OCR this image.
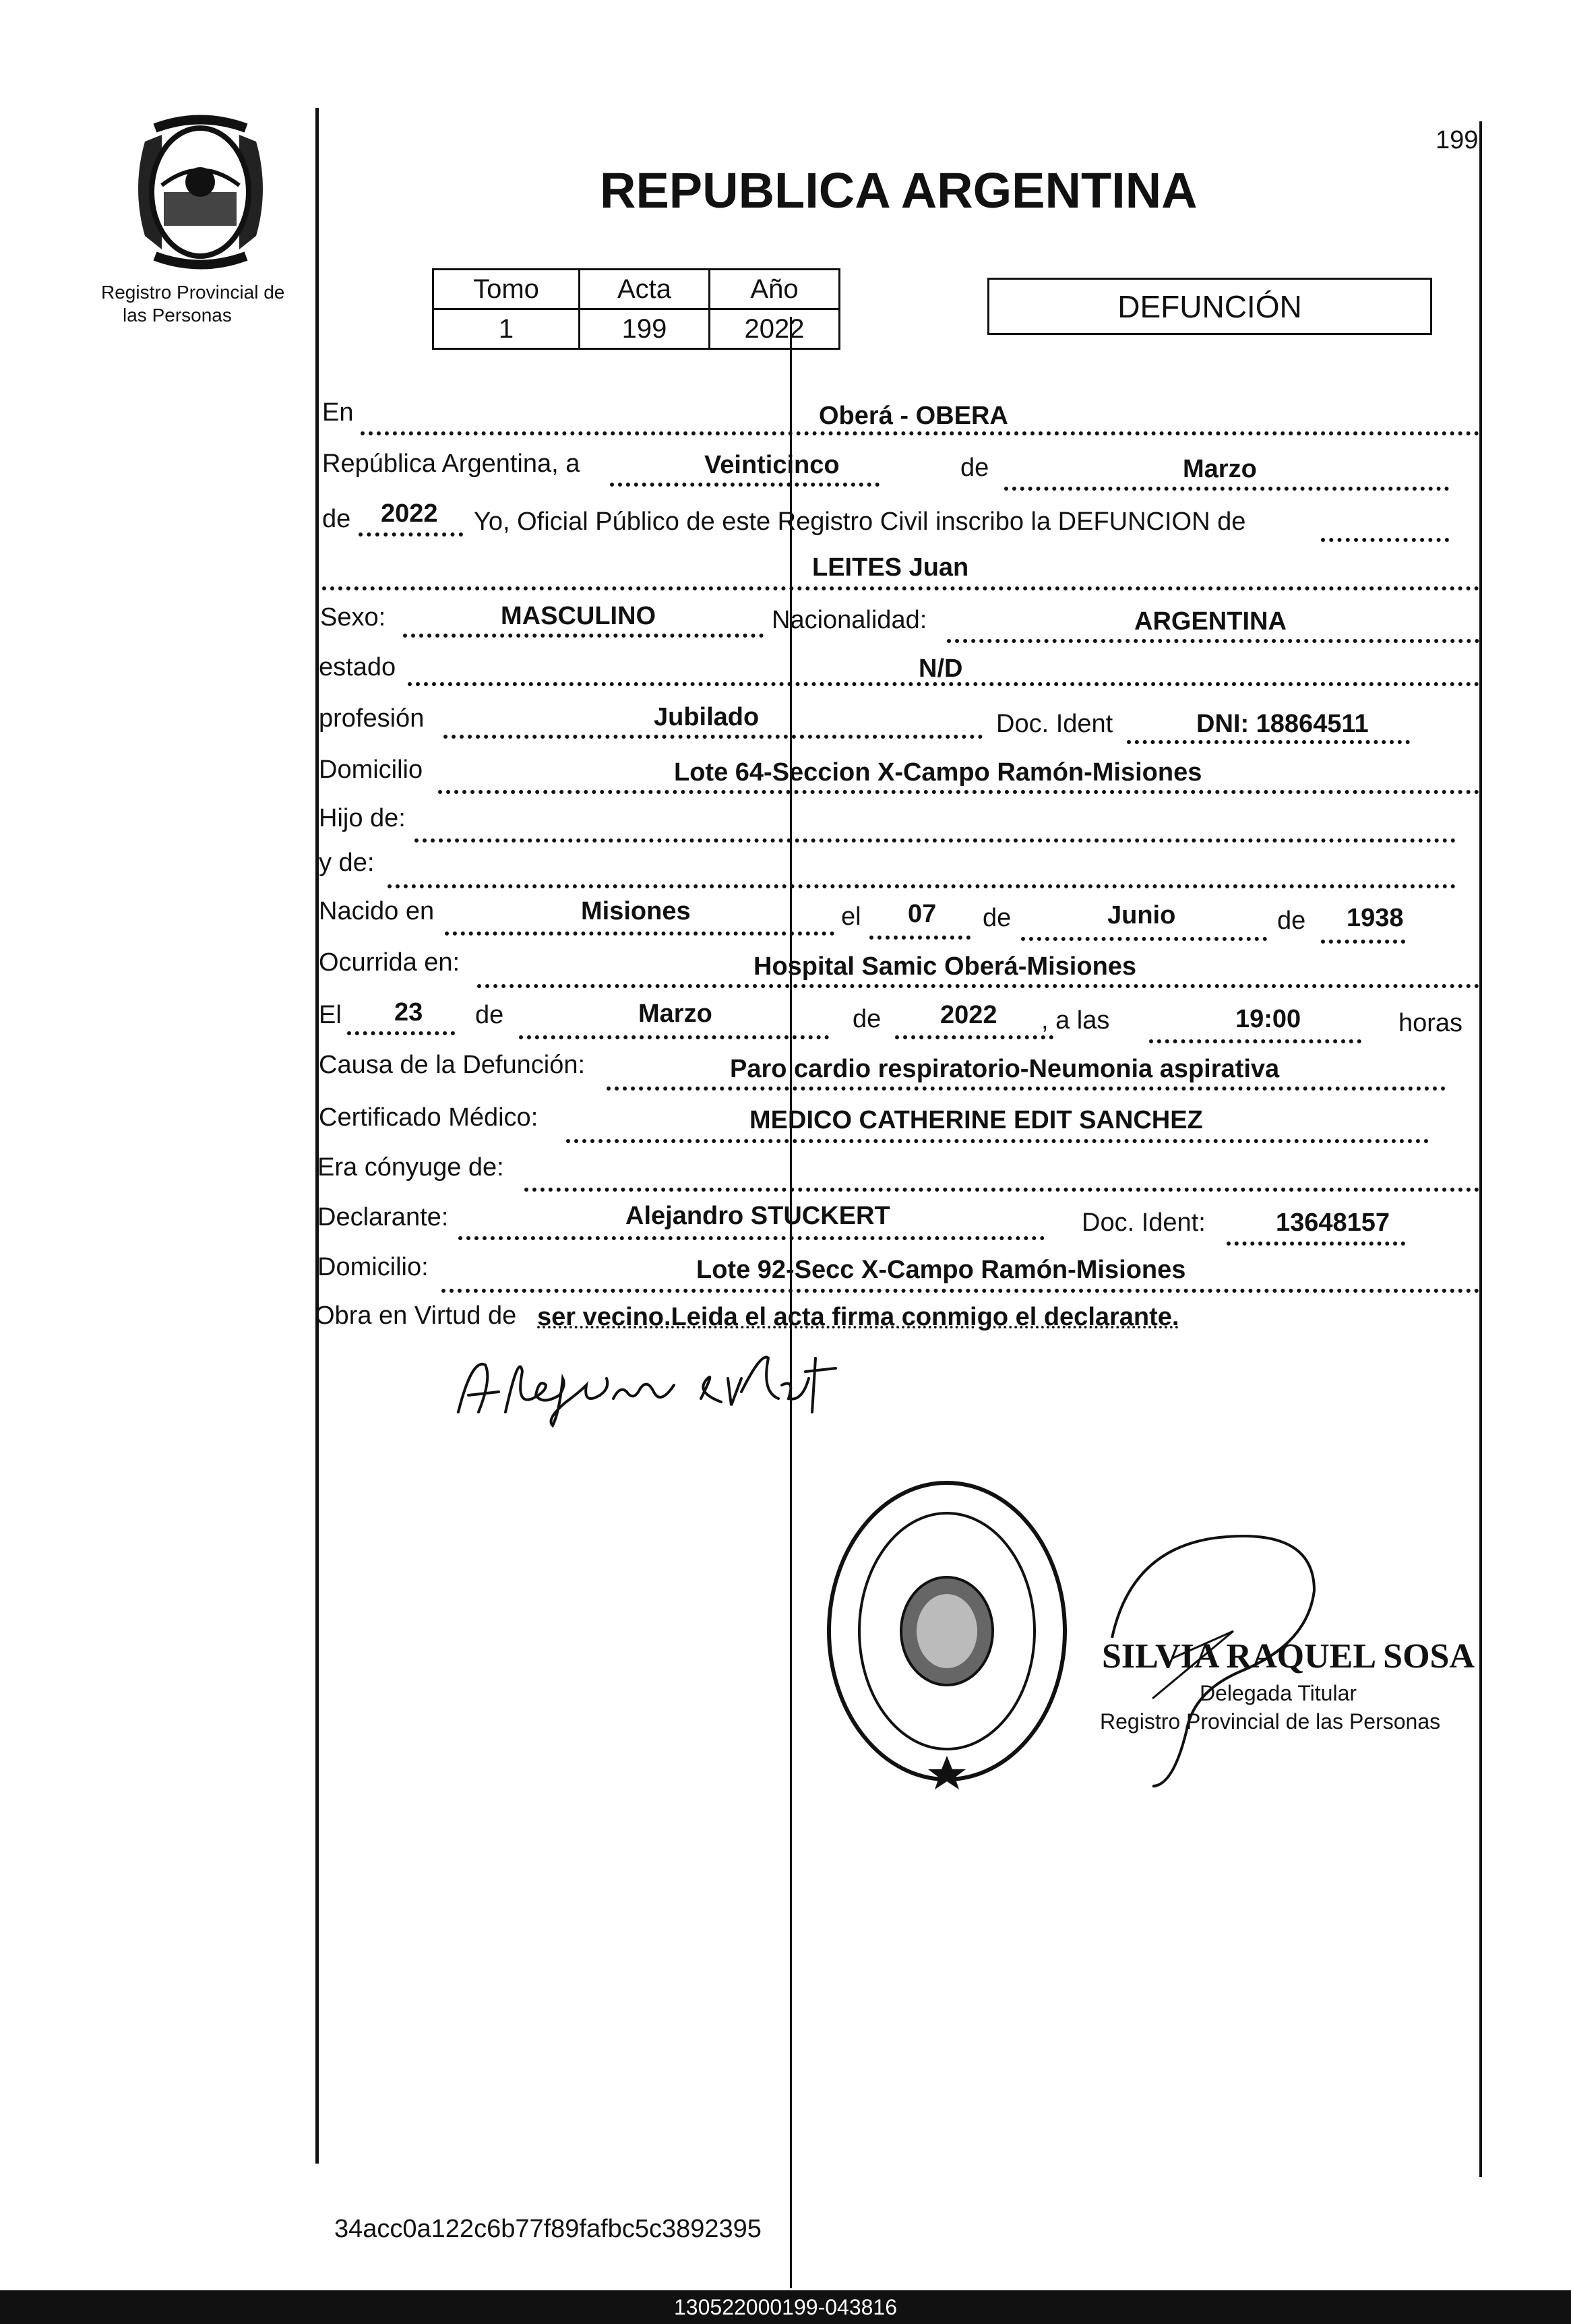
199
Registro Provincial de
las Personas
REPUBLICA ARGENTINA
Tomo	Acta	Año
1	199	2022
DEFUNCIÓN
En	Oberá - OBERA
República Argentina, a	Veinticinco	de	Marzo
de 2022 Yo, Oficial Público de este Registro Civil inscribo la DEFUNCION de
LEITES Juan
Sexo:	MASCULINO	Nacionalidad:	ARGENTINA
estado	N/D
profesión	Jubilado	Doc. Ident	DNI: 18864511
Domicilio	Lote 64-Seccion X-Campo Ramón-Misiones
Hijo de:
y de:
Nacido en	Misiones	el 07 de	Junio	de 1938
Ocurrida en:	Hospital Samic Oberá-Misiones
El 23 de	Marzo	de 2022 , a las	19:00	horas
Causa de la Defunción:	Paro cardio respiratorio-Neumonia aspirativa
Certificado Médico:	MEDICO CATHERINE EDIT SANCHEZ
Era cónyuge de:
Declarante:	Alejandro STUCKERT	Doc. Ident:	13648157
Domicilio:	Lote 92-Secc X-Campo Ramón-Misiones
Obra en Virtud de ser vecino.Leida el acta firma conmigo el declarante.
SILVIA RAQUEL SOSA
Delegada Titular
Registro Provincial de las Personas
34acc0a122c6b77f89fafbc5c3892395
130522000199-043816
